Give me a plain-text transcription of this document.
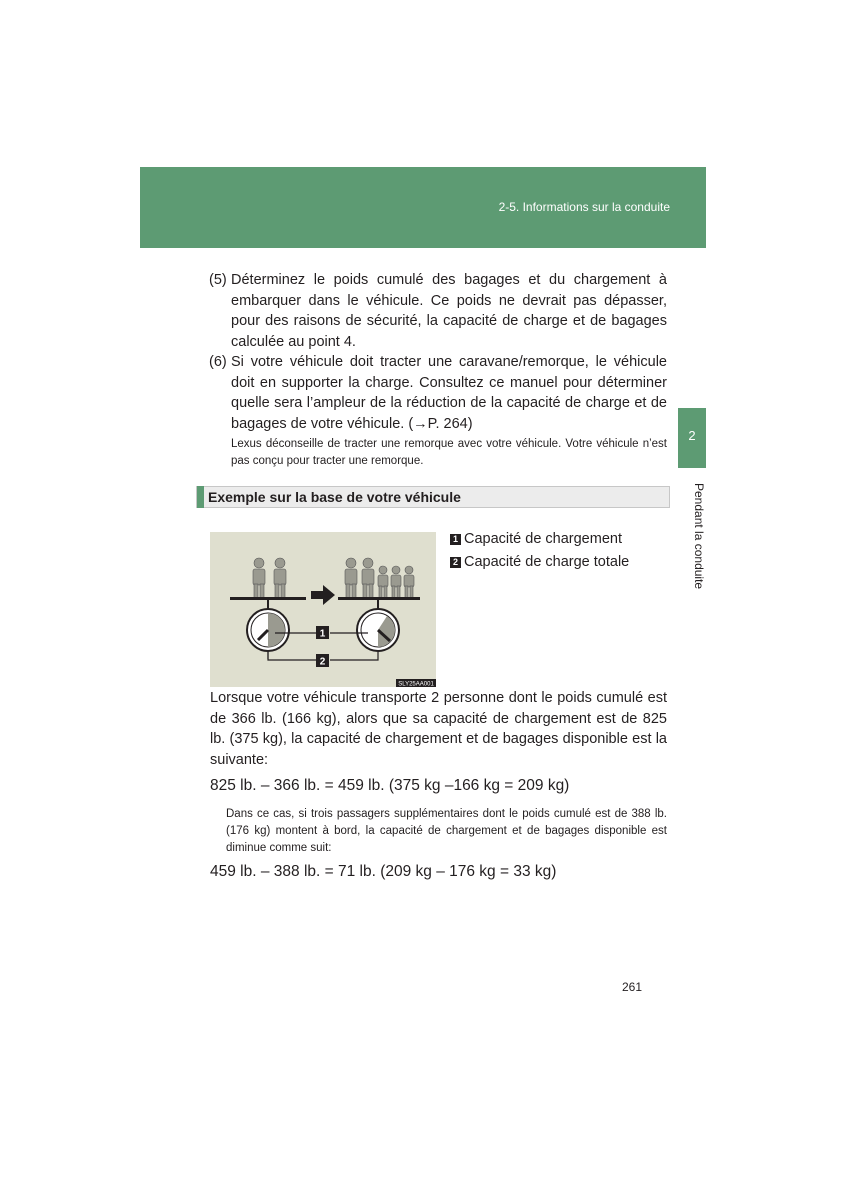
2-5. Informations sur la conduite
2
Pendant la conduite
(5) Déterminez le poids cumulé des bagages et du chargement à embarquer dans le véhicule. Ce poids ne devrait pas dépasser, pour des raisons de sécurité, la capacité de charge et de bagages calculée au point 4.
(6) Si votre véhicule doit tracter une caravane/remorque, le véhicule doit en supporter la charge. Consultez ce manuel pour déterminer quelle sera l’ampleur de la réduction de la capacité de charge et de bagages de votre véhicule. (→P. 264)
Lexus déconseille de tracter une remorque avec votre véhicule. Votre véhicule n’est pas conçu pour tracter une remorque.
Exemple sur la base de votre véhicule
1
2
SLY25AA001
1 Capacité de chargement
2 Capacité de charge totale
Lorsque votre véhicule transporte 2 personne dont le poids cumulé est de 366 lb. (166 kg), alors que sa capacité de chargement est de 825 lb. (375 kg), la capacité de chargement et de bagages disponible est la suivante:
825 lb. – 366 lb. = 459 lb. (375 kg –166 kg = 209 kg)
Dans ce cas, si trois passagers supplémentaires dont le poids cumulé est de 388 lb. (176 kg) montent à bord, la capacité de chargement et de bagages disponible est diminue comme suit:
459 lb. – 388 lb. = 71 lb. (209 kg – 176 kg = 33 kg)
261
